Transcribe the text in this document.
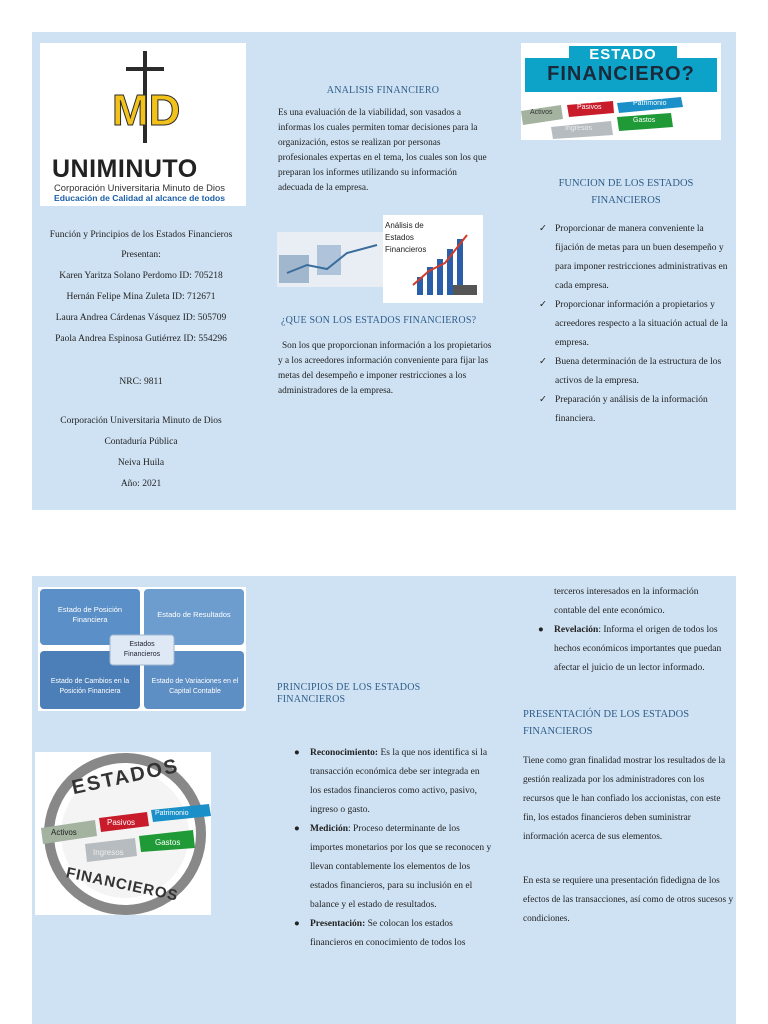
MD
UNIMINUTO
Corporación Universitaria Minuto de Dios
Educación de Calidad al alcance de todos
Función y Principios de los Estados Financieros
Presentan:
Karen Yaritza Solano Perdomo ID: 705218
Hernán Felipe Mina Zuleta ID: 712671
Laura Andrea Cárdenas Vásquez ID: 505709
Paola Andrea Espinosa Gutiérrez ID: 554296
NRC: 9811
Corporación Universitaria Minuto de Dios
Contaduría Pública
Neiva Huila
Año: 2021
ANALISIS FINANCIERO
Es una evaluación de la viabilidad, son vasados a informas los cuales permiten tomar decisiones para la organización, estos se realizan por personas profesionales expertas en el tema, los cuales son los que preparan los informes utilizando su información adecuada de la empresa.
Análisis de
Estados
Financieros
¿QUE SON LOS ESTADOS FINANCIEROS?
Son los que proporcionan información a los propietarios y a los acreedores información conveniente para fijar las metas del desempeño e imponer restricciones a los administradores de la empresa.
ESTADO
FINANCIERO?
Activos
Pasivos
Patrimonio
Ingresos
Gastos
FUNCION DE LOS ESTADOS
FINANCIEROS
✓ Proporcionar de manera conveniente la fijación de metas para un buen desempeño y para imponer restricciones administrativas en cada empresa.
✓ Proporcionar información a propietarios y acreedores respecto a la situación actual de la empresa.
✓ Buena determinación de la estructura de los activos de la empresa.
✓ Preparación y análisis de la información financiera.
Estado de Posición Financiera
Estado de Resultados
Estados Financieros
Estado de Cambios en la Posición Financiera
Estado de Variaciones en el Capital Contable
ESTADOS
FINANCIEROS
Activos
Pasivos
Patrimonio
Ingresos
Gastos
PRINCIPIOS DE LOS ESTADOS
FINANCIEROS
● Reconocimiento: Es la que nos identifica si la transacción económica debe ser integrada en los estados financieros como activo, pasivo, ingreso o gasto.
● Medición: Proceso determinante de los importes monetarios por los que se reconocen y llevan contablemente los elementos de los estados financieros, para su inclusión en el balance y el estado de resultados.
● Presentación: Se colocan los estados financieros en conocimiento de todos los
terceros interesados en la información contable del ente económico.
● Revelación: Informa el origen de todos los hechos económicos importantes que puedan afectar el juicio de un lector informado.
PRESENTACIÓN DE LOS ESTADOS
FINANCIEROS
Tiene como gran finalidad mostrar los resultados de la gestión realizada por los administradores con los recursos que le han confiado los accionistas, con este fin, los estados financieros deben suministrar información acerca de sus elementos.
En esta se requiere una presentación fidedigna de los efectos de las transacciones, así como de otros sucesos y condiciones.
